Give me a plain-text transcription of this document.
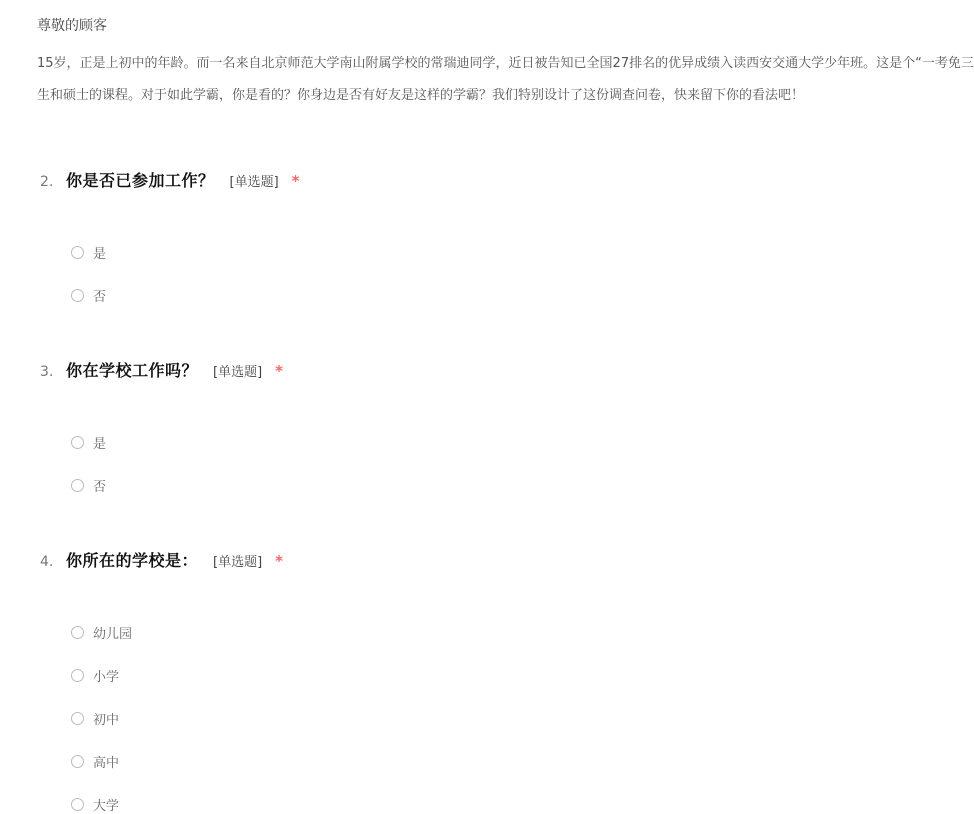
尊敬的顾客
15岁，正是上初中的年龄。而一名来自北京师范大学南山附属学校的常瑞迪同学，近日被告知已全国27排名的优异成绩入读西安交通大学少年班。这是个“一考免三
生和硕士的课程。对于如此学霸，你是看的？你身边是否有好友是这样的学霸？我们特别设计了这份调查问卷，快来留下你的看法吧！
2. 你是否已参加工作？ [单选题] *
是
否
3. 你在学校工作吗？ [单选题] *
是
否
4. 你所在的学校是： [单选题] *
幼儿园
小学
初中
高中
大学
